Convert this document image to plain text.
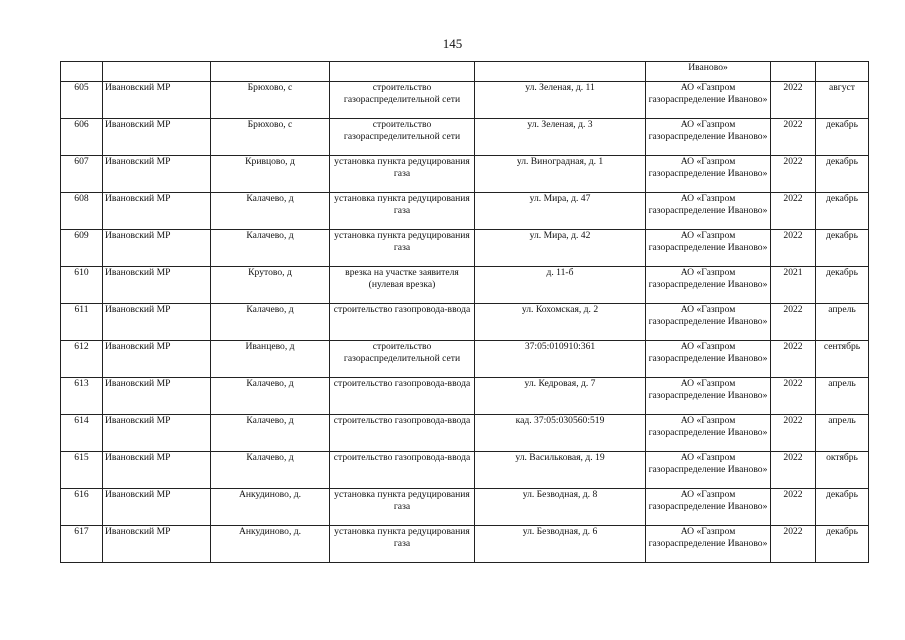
145
					Иваново»		
605	Ивановский МР	Брюхово, с	строительство газораспределительной сети	ул. Зеленая, д. 11	АО «Газпром газораспределение Иваново»	2022	август
606	Ивановский МР	Брюхово, с	строительство газораспределительной сети	ул. Зеленая, д. 3	АО «Газпром газораспределение Иваново»	2022	декабрь
607	Ивановский МР	Кривцово, д	установка пункта редуцирования газа	ул. Виноградная, д. 1	АО «Газпром газораспределение Иваново»	2022	декабрь
608	Ивановский МР	Калачево, д	установка пункта редуцирования газа	ул. Мира, д. 47	АО «Газпром газораспределение Иваново»	2022	декабрь
609	Ивановский МР	Калачево, д	установка пункта редуцирования газа	ул. Мира, д. 42	АО «Газпром газораспределение Иваново»	2022	декабрь
610	Ивановский МР	Крутово, д	врезка на участке заявителя (нулевая врезка)	д. 11-б	АО «Газпром газораспределение Иваново»	2021	декабрь
611	Ивановский МР	Калачево, д	строительство газопровода-ввода	ул. Кохомская, д. 2	АО «Газпром газораспределение Иваново»	2022	апрель
612	Ивановский МР	Иванцево, д	строительство газораспределительной сети	37:05:010910:361	АО «Газпром газораспределение Иваново»	2022	сентябрь
613	Ивановский МР	Калачево, д	строительство газопровода-ввода	ул. Кедровая, д. 7	АО «Газпром газораспределение Иваново»	2022	апрель
614	Ивановский МР	Калачево, д	строительство газопровода-ввода	кад. 37:05:030560:519	АО «Газпром газораспределение Иваново»	2022	апрель
615	Ивановский МР	Калачево, д	строительство газопровода-ввода	ул. Васильковая, д. 19	АО «Газпром газораспределение Иваново»	2022	октябрь
616	Ивановский МР	Анкудиново, д.	установка пункта редуцирования газа	ул. Безводная, д. 8	АО «Газпром газораспределение Иваново»	2022	декабрь
617	Ивановский МР	Анкудиново, д.	установка пункта редуцирования газа	ул. Безводная, д. 6	АО «Газпром газораспределение Иваново»	2022	декабрь
